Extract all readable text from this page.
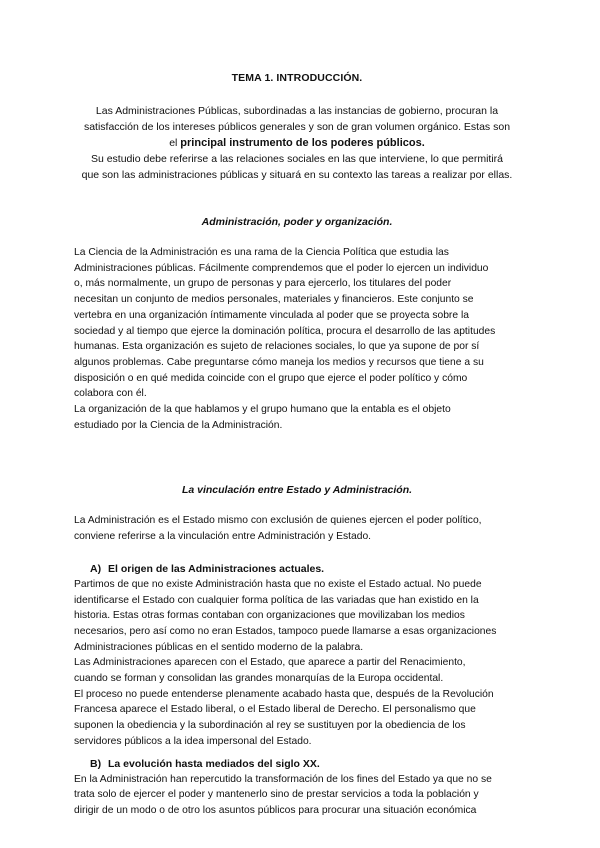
TEMA 1. INTRODUCCIÓN.

Las Administraciones Públicas, subordinadas a las instancias de gobierno, procuran la
satisfacción de los intereses públicos generales y son de gran volumen orgánico. Estas son
el principal instrumento de los poderes públicos.
Su estudio debe referirse a las relaciones sociales en las que interviene, lo que permitirá
que son las administraciones públicas y situará en su contexto las tareas a realizar por ellas.

Administración, poder y organización.

La Ciencia de la Administración es una rama de la Ciencia Política que estudia las
Administraciones públicas. Fácilmente comprendemos que el poder lo ejercen un individuo
o, más normalmente, un grupo de personas y para ejercerlo, los titulares del poder
necesitan un conjunto de medios personales, materiales y financieros. Este conjunto se
vertebra en una organización íntimamente vinculada al poder que se proyecta sobre la
sociedad y al tiempo que ejerce la dominación política, procura el desarrollo de las aptitudes
humanas. Esta organización es sujeto de relaciones sociales, lo que ya supone de por sí
algunos problemas. Cabe preguntarse cómo maneja los medios y recursos que tiene a su
disposición o en qué medida coincide con el grupo que ejerce el poder político y cómo
colabora con él.
La organización de la que hablamos y el grupo humano que la entabla es el objeto
estudiado por la Ciencia de la Administración.

La vinculación entre Estado y Administración.

La Administración es el Estado mismo con exclusión de quienes ejercen el poder político,
conviene referirse a la vinculación entre Administración y Estado.

A) El origen de las Administraciones actuales.

Partimos de que no existe Administración hasta que no existe el Estado actual. No puede
identificarse el Estado con cualquier forma política de las variadas que han existido en la
historia. Estas otras formas contaban con organizaciones que movilizaban los medios
necesarios, pero así como no eran Estados, tampoco puede llamarse a esas organizaciones
Administraciones públicas en el sentido moderno de la palabra.
Las Administraciones aparecen con el Estado, que aparece a partir del Renacimiento,
cuando se forman y consolidan las grandes monarquías de la Europa occidental.
El proceso no puede entenderse plenamente acabado hasta que, después de la Revolución
Francesa aparece el Estado liberal, o el Estado liberal de Derecho. El personalismo que
suponen la obediencia y la subordinación al rey se sustituyen por la obediencia de los
servidores públicos a la idea impersonal del Estado.

B) La evolución hasta mediados del siglo XX.

En la Administración han repercutido la transformación de los fines del Estado ya que no se
trata solo de ejercer el poder y mantenerlo sino de prestar servicios a toda la población y
dirigir de un modo o de otro los asuntos públicos para procurar una situación económica
